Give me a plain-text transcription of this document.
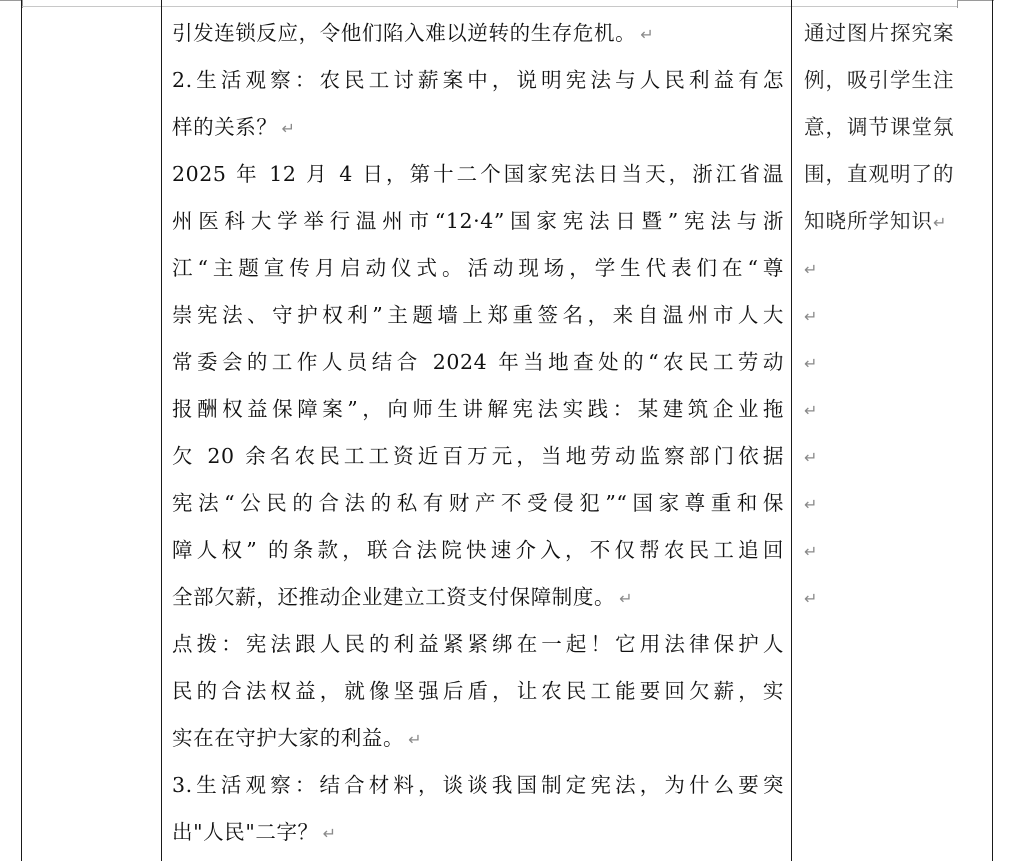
引发连锁反应，令他们陷入难以逆转的生存危机。 ↵
2.生活观察：农民工讨薪案中，说明宪法与人民利益有怎
样的关系？ ↵
2025 年 12 月 4 日，第十二个国家宪法日当天，浙江省温
州医科大学举行温州市“12·4”国家宪法日暨”宪法与浙
江“主题宣传月启动仪式。活动现场，学生代表们在“尊
崇宪法、守护权利”主题墙上郑重签名，来自温州市人大
常委会的工作人员结合 2024 年当地查处的“农民工劳动
报酬权益保障案”，向师生讲解宪法实践：某建筑企业拖
欠 20 余名农民工工资近百万元，当地劳动监察部门依据
宪法“公民的合法的私有财产不受侵犯”“国家尊重和保
障人权” 的条款，联合法院快速介入，不仅帮农民工追回
全部欠薪，还推动企业建立工资支付保障制度。 ↵
点拨：宪法跟人民的利益紧紧绑在一起！它用法律保护人
民的合法权益，就像坚强后盾，让农民工能要回欠薪，实
实在在守护大家的利益。 ↵
3.生活观察：结合材料，谈谈我国制定宪法，为什么要突
出"人民"二字？ ↵
通过图片探究案
例，吸引学生注
意，调节课堂氛
围，直观明了的
知晓所学知识↵
↵
↵
↵
↵
↵
↵
↵
↵
